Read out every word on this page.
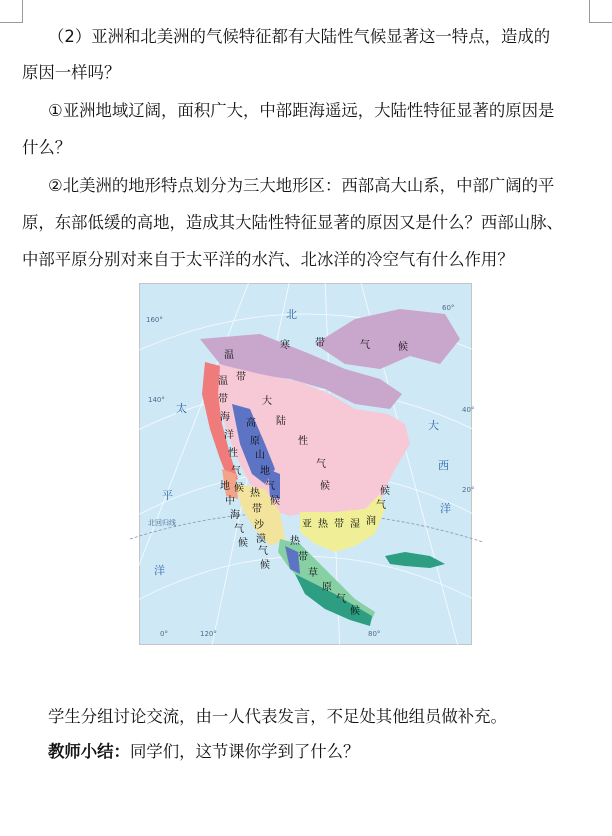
（2）亚洲和北美洲的气候特征都有大陆性气候显著这一特点，造成的
原因一样吗？
①亚洲地域辽阔，面积广大，中部距海遥远，大陆性特征显著的原因是
什么？
②北美洲的地形特点划分为三大地形区：西部高大山系，中部广阔的平
原，东部低缓的高地，造成其大陆性特征显著的原因又是什么？西部山脉、
中部平原分别对来自于太平洋的水汽、北冰洋的冷空气有什么作用？
寒	带	气	候
温
带
大
陆
性
气
候
温
带
海
洋
性
气
候
高
原
山
地
气
候
地
中
海
气
候
热
带
沙
漠
气
候
亚 热 带 湿 润
气
候
热
带
草
原
气
候
太
平
洋
大
西
洋
北
北回归线
140°
40°
160°
120°	80°
20°
0°
60°
学生分组讨论交流，由一人代表发言，不足处其他组员做补充。
教师小结：同学们，这节课你学到了什么？
